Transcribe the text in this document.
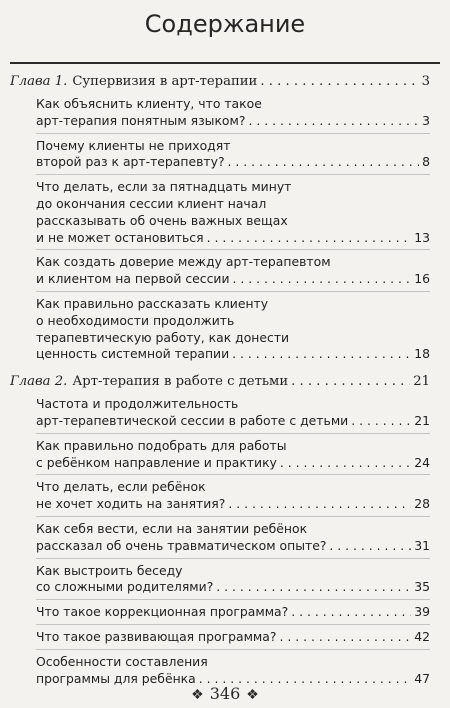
❖ 346 ❖
Содержание
Глава 1. Супервизия в арт-терапии . . .	3
Как объяснить клиенту, что такое
арт-терапия понятным языком? . . .	3
Почему клиенты не приходят
второй раз к арт-терапевту? . . .	8
Что делать, если за пятнадцать минут
до окончания сессии клиент начал
рассказывать об очень важных вещах
и не может остановиться . . .	13
Как создать доверие между арт-терапевтом
и клиентом на первой сессии . . .	16
Как правильно рассказать клиенту
о необходимости продолжить
терапевтическую работу, как донести
ценность системной терапии . . .	18
Глава 2. Арт-терапия в работе с детьми . . .	21
Частота и продолжительность
арт-терапевтической сессии в работе с детьми . . .	21
Как правильно подобрать для работы
с ребёнком направление и практику . . .	24
Что делать, если ребёнок
не хочет ходить на занятия? . . .	28
Как себя вести, если на занятии ребёнок
рассказал об очень травматическом опыте? . . .	31
Как выстроить беседу
со сложными родителями? . . .	35
Что такое коррекционная программа? . . .	39
Что такое развивающая программа? . . .	42
Особенности составления
программы для ребёнка . . .	47
